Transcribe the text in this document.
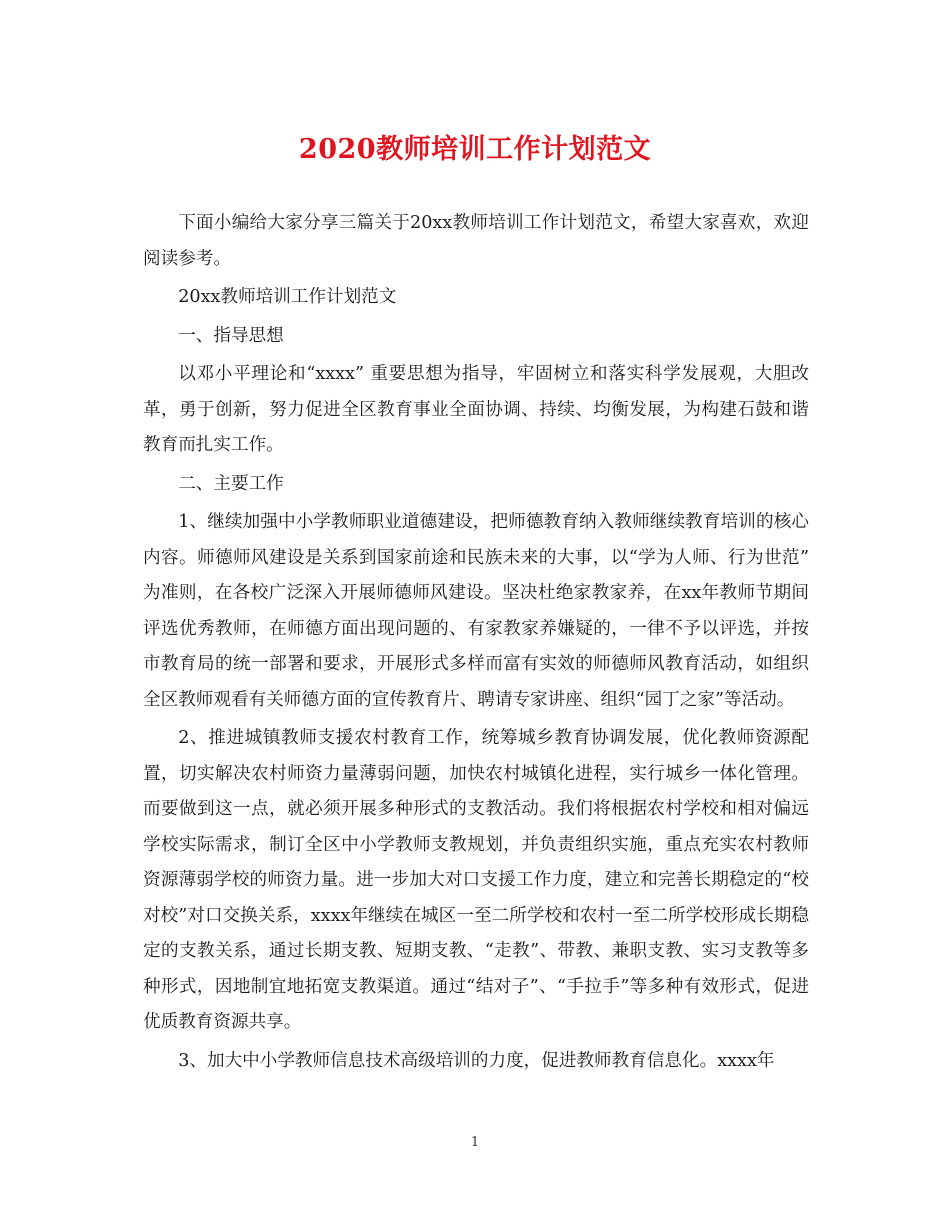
2020教师培训工作计划范文

下面小编给大家分享三篇关于20xx教师培训工作计划范文，希望大家喜欢，欢迎阅读参考。

20xx教师培训工作计划范文

一、指导思想

以邓小平理论和“xxxx” 重要思想为指导，牢固树立和落实科学发展观，大胆改革，勇于创新，努力促进全区教育事业全面协调、持续、均衡发展，为构建石鼓和谐教育而扎实工作。

二、主要工作

1、继续加强中小学教师职业道德建设，把师德教育纳入教师继续教育培训的核心内容。师德师风建设是关系到国家前途和民族未来的大事，以“学为人师、行为世范” 为准则，在各校广泛深入开展师德师风建设。坚决杜绝家教家养，在xx年教师节期间评选优秀教师，在师德方面出现问题的、有家教家养嫌疑的，一律不予以评选，并按市教育局的统一部署和要求，开展形式多样而富有实效的师德师风教育活动，如组织全区教师观看有关师德方面的宣传教育片、聘请专家讲座、组织“园丁之家”等活动。

2、推进城镇教师支援农村教育工作，统筹城乡教育协调发展，优化教师资源配置，切实解决农村师资力量薄弱问题，加快农村城镇化进程，实行城乡一体化管理。而要做到这一点，就必须开展多种形式的支教活动。我们将根据农村学校和相对偏远学校实际需求，制订全区中小学教师支教规划，并负责组织实施，重点充实农村教师资源薄弱学校的师资力量。进一步加大对口支援工作力度，建立和完善长期稳定的“校对校”对口交换关系，xxxx年继续在城区一至二所学校和农村一至二所学校形成长期稳定的支教关系，通过长期支教、短期支教、“走教”、带教、兼职支教、实习支教等多种形式，因地制宜地拓宽支教渠道。通过“结对子”、“手拉手”等多种有效形式，促进优质教育资源共享。

3、加大中小学教师信息技术高级培训的力度，促进教师教育信息化。xxxx年

1
